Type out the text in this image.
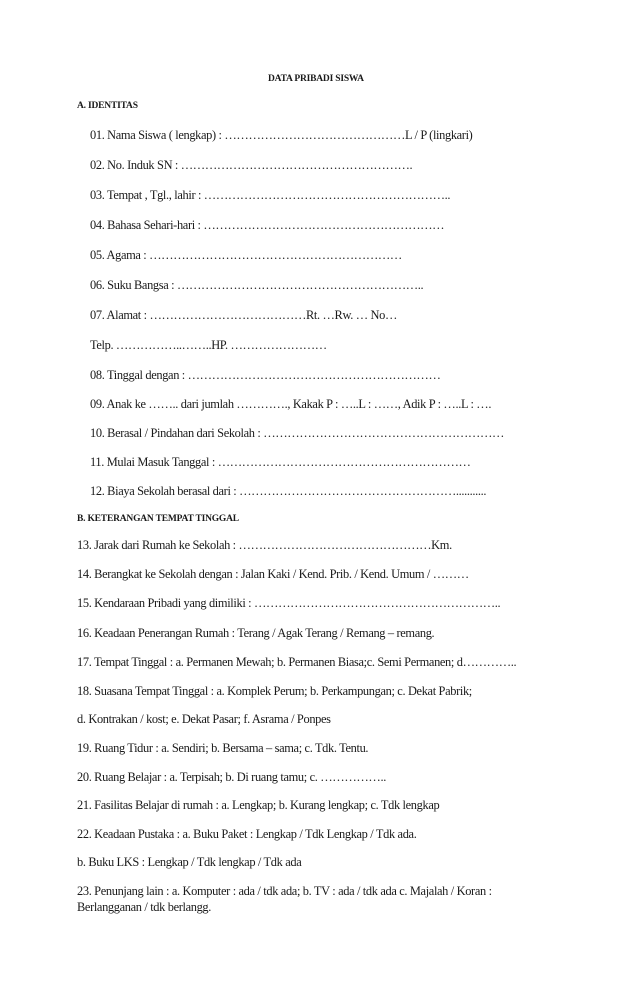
DATA PRIBADI SISWA
A. IDENTITAS
01. Nama Siswa ( lengkap) : ………………………………………L / P (lingkari)
02. No. Induk SN : ………………………………………………….
03. Tempat , Tgl., lahir : ……………………………………………………..
04. Bahasa Sehari-hari : ……………………………………………………
05. Agama : ………………………………………………………
06. Suku Bangsa : ……………………………………………………..
07. Alamat : …………………………………Rt. …Rw. … No…
Telp. ……………..……..HP. ……………………
08. Tinggal dengan : ………………………………………………………
09. Anak ke …….. dari jumlah …………., Kakak P : …..L : ……, Adik P : …..L : ….
10. Berasal / Pindahan dari Sekolah : ……………………………………………………
11. Mulai Masuk Tanggal : ………………………………………………………
12. Biaya Sekolah berasal dari : ………………………………………………...........
B. KETERANGAN TEMPAT TINGGAL
13. Jarak dari Rumah ke Sekolah : …………………………………………Km.
14. Berangkat ke Sekolah dengan : Jalan Kaki / Kend. Prib. / Kend. Umum / ………
15. Kendaraan Pribadi yang dimiliki : ……………………………………………………..
16. Keadaan Penerangan Rumah : Terang / Agak Terang / Remang – remang.
17. Tempat Tinggal : a. Permanen Mewah; b. Permanen Biasa;c. Semi Permanen; d…………..
18. Suasana Tempat Tinggal : a. Komplek Perum; b. Perkampungan; c. Dekat Pabrik;
d. Kontrakan / kost; e. Dekat Pasar; f. Asrama / Ponpes
19. Ruang Tidur : a. Sendiri; b. Bersama – sama; c. Tdk. Tentu.
20. Ruang Belajar : a. Terpisah; b. Di ruang tamu; c. ……………..
21. Fasilitas Belajar di rumah : a. Lengkap; b. Kurang lengkap; c. Tdk lengkap
22. Keadaan Pustaka : a. Buku Paket : Lengkap / Tdk Lengkap / Tdk ada.
b. Buku LKS : Lengkap / Tdk lengkap / Tdk ada
23. Penunjang lain : a. Komputer : ada / tdk ada; b. TV : ada / tdk ada c. Majalah / Koran :
Berlangganan / tdk berlangg.
